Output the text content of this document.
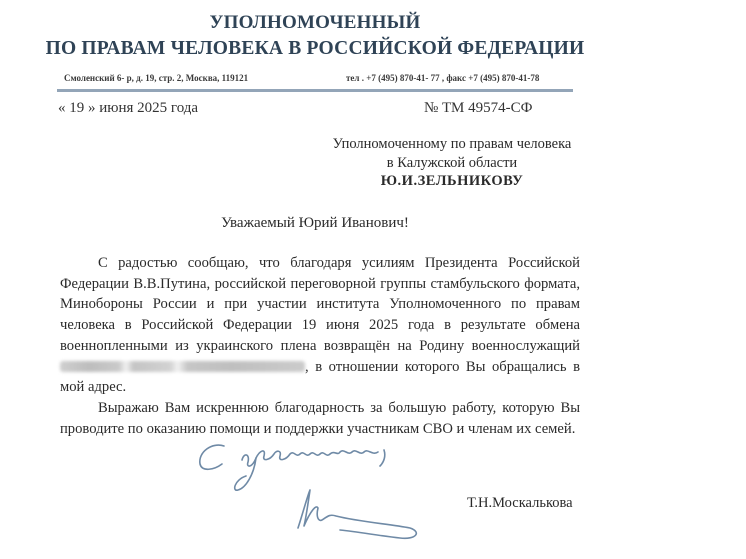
УПОЛНОМОЧЕННЫЙ
ПО ПРАВАМ ЧЕЛОВЕКА В РОССИЙСКОЙ ФЕДЕРАЦИИ
Смоленский 6- р, д. 19, стр. 2, Москва, 119121	тел . +7 (495) 870-41- 77 , факс +7 (495) 870-41-78
« 19 » июня 2025 года	№ ТМ 49574-СФ
Уполномоченному по правам человека
в Калужской области
Ю.И.ЗЕЛЬНИКОВУ
Уважаемый Юрий Иванович!

С радостью сообщаю, что благодаря усилиям Президента Российской Федерации В.В.Путина, российской переговорной группы стамбульского формата, Минобороны России и при участии института Уполномоченного по правам человека в Российской Федерации 19 июня 2025 года в результате обмена военнопленными из украинского плена возвращён на Родину военнослужащий , в отношении которого Вы обращались в мой адрес.

Выражаю Вам искреннюю благодарность за большую работу, которую Вы проводите по оказанию помощи и поддержки участникам СВО и членам их семей.

Т.Н.Москалькова
